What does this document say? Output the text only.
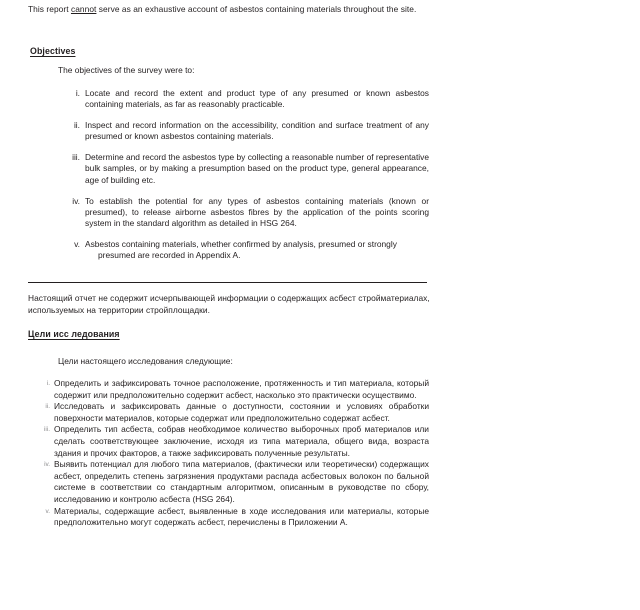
This report cannot serve as an exhaustive account of asbestos containing materials throughout the site.
Objectives
The objectives of the survey were to:
i. Locate and record the extent and product type of any presumed or known asbestos containing materials, as far as reasonably practicable.
ii. Inspect and record information on the accessibility, condition and surface treatment of any presumed or known asbestos containing materials.
iii. Determine and record the asbestos type by collecting a reasonable number of representative bulk samples, or by making a presumption based on the product type, general appearance, age of building etc.
iv. To establish the potential for any types of asbestos containing materials (known or presumed), to release airborne asbestos fibres by the application of the points scoring system in the standard algorithm as detailed in HSG 264.
v. Asbestos containing materials, whether confirmed by analysis, presumed or strongly presumed are recorded in Appendix A.
Настоящий отчет не содержит исчерпывающей информации о содержащих асбест стройматериалах, используемых на территории стройплощадки.
Цели исс ледования
Цели настоящего исследования следующие:
i. Определить и зафиксировать точное расположение, протяженность и тип материала, который содержит или предположительно содержит асбест, насколько это практически осуществимо.
ii. Исследовать и зафиксировать данные о доступности, состоянии и условиях обработки поверхности материалов, которые содержат или предположительно содержат асбест.
iii. Определить тип асбеста, собрав необходимое количество выборочных проб материалов или сделать соответствующее заключение, исходя из типа материала, общего вида, возраста здания и прочих факторов, а также зафиксировать полученные результаты.
iv. Выявить потенциал для любого типа материалов, (фактически или теоретически) содержащих асбест, определить степень загрязнения продуктами распада асбестовых волокон по бальной системе в соответствии со стандартным алгоритмом, описанным в руководстве по сбору, исследованию и контролю асбеста (HSG 264).
v. Материалы, содержащие асбест, выявленные в ходе исследования или материалы, которые предположительно могут содержать асбест, перечислены в Приложении А.
